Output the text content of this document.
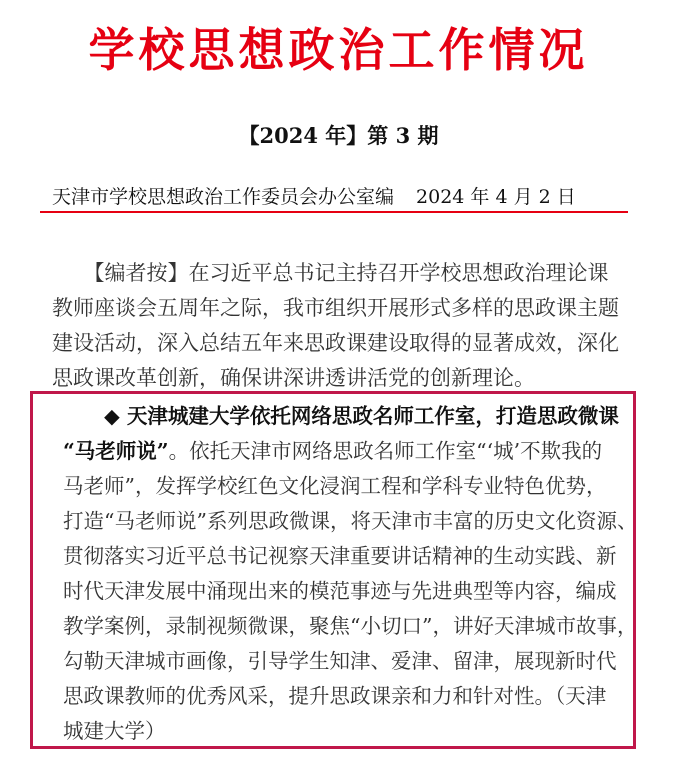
学校思想政治工作情况
【2024 年】第 3 期
天津市学校思想政治工作委员会办公室编 2024 年 4 月 2 日
　　【编者按】在习近平总书记主持召开学校思想政治理论课
教师座谈会五周年之际，我市组织开展形式多样的思政课主题
建设活动，深入总结五年来思政课建设取得的显著成效，深化
思政课改革创新，确保讲深讲透讲活党的创新理论。
　　◆ 天津城建大学依托网络思政名师工作室，打造思政微课
“马老师说”。依托天津市网络思政名师工作室“‘城’不欺我的
马老师”，发挥学校红色文化浸润工程和学科专业特色优势，
打造“马老师说”系列思政微课，将天津市丰富的历史文化资源、
贯彻落实习近平总书记视察天津重要讲话精神的生动实践、新
时代天津发展中涌现出来的模范事迹与先进典型等内容，编成
教学案例，录制视频微课，聚焦“小切口”，讲好天津城市故事，
勾勒天津城市画像，引导学生知津、爱津、留津，展现新时代
思政课教师的优秀风采，提升思政课亲和力和针对性。（天津
城建大学）
